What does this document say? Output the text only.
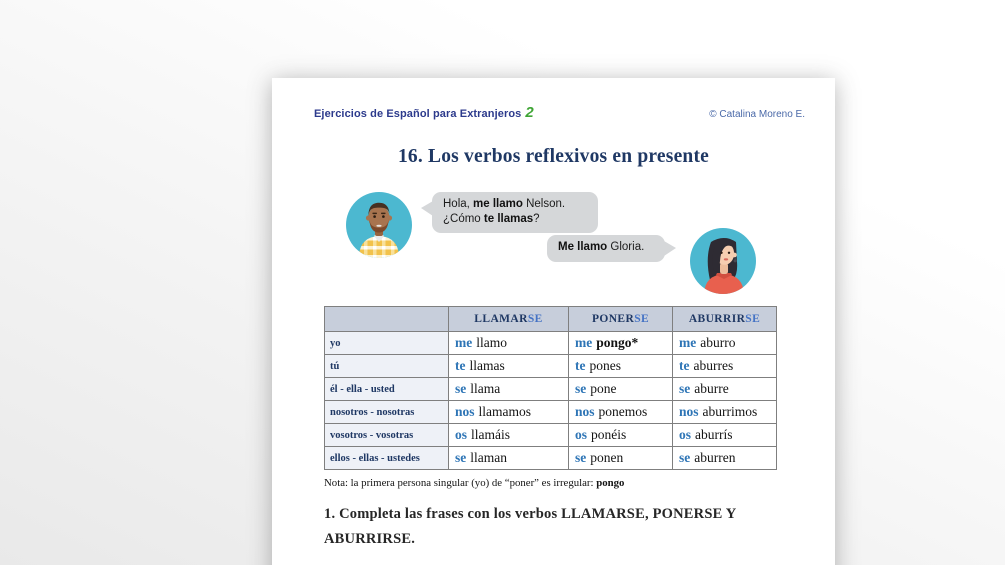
Ejercicios de Español para Extranjeros 2	© Catalina Moreno E.
16. Los verbos reflexivos en presente
Hola, me llamo Nelson.
¿Cómo te llamas?
Me llamo Gloria.
	LLAMARSE	PONERSE	ABURRIRSE
yo	me llamo	me pongo*	me aburro
tú	te llamas	te pones	te aburres
él - ella - usted	se llama	se pone	se aburre
nosotros - nosotras	nos llamamos	nos ponemos	nos aburrimos
vosotros - vosotras	os llamáis	os ponéis	os aburrís
ellos - ellas - ustedes	se llaman	se ponen	se aburren
Nota: la primera persona singular (yo) de “poner” es irregular: pongo
1. Completa las frases con los verbos LLAMARSE, PONERSE Y ABURRIRSE.
